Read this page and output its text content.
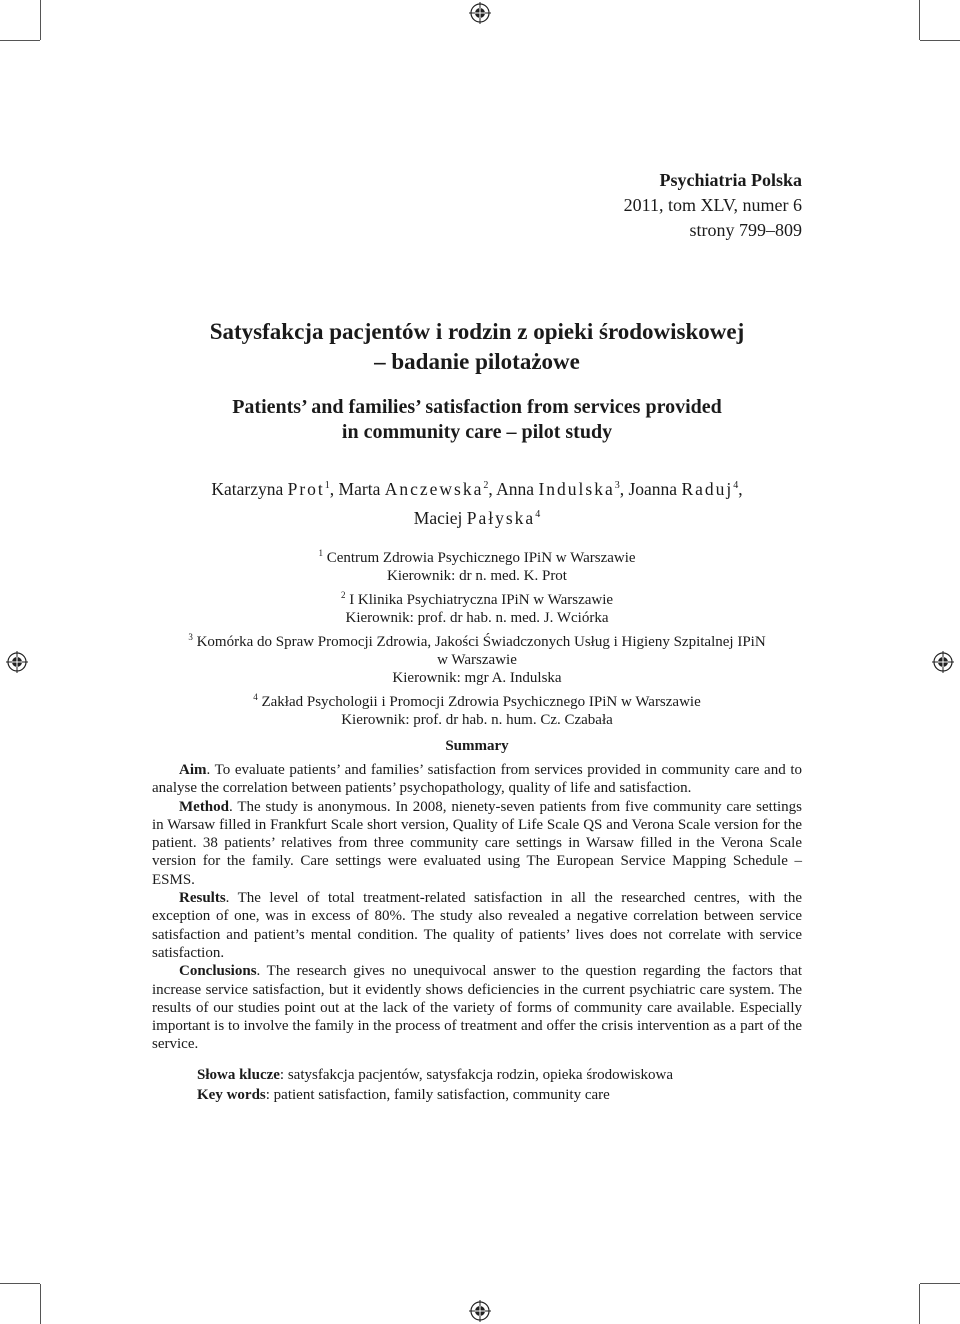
Psychiatria Polska
2011, tom XLV, numer 6
strony 799–809
Satysfakcja pacjentów i rodzin z opieki środowiskowej
– badanie pilotażowe
Patients’ and families’ satisfaction from services provided
in community care – pilot study
Katarzyna Prot$^1$, Marta Anczewska$^2$, Anna Indulska$^3$, Joanna Raduj$^4$,
Maciej Pałyska$^4$
$^1$ Centrum Zdrowia Psychicznego IPiN w Warszawie
Kierownik: dr n. med. K. Prot
$^2$ I Klinika Psychiatryczna IPiN w Warszawie
Kierownik: prof. dr hab. n. med. J. Wciórka
$^3$ Komórka do Spraw Promocji Zdrowia, Jakości Świadczonych Usług i Higieny Szpitalnej IPiN
w Warszawie
Kierownik: mgr A. Indulska
$^4$ Zakład Psychologii i Promocji Zdrowia Psychicznego IPiN w Warszawie
Kierownik: prof. dr hab. n. hum. Cz. Czabała
Summary

Aim. To evaluate patients’ and families’ satisfaction from services provided in community care and to analyse the correlation between patients’ psychopathology, quality of life and satisfaction.

Method. The study is anonymous. In 2008, nienety-seven patients from five community care settings in Warsaw filled in Frankfurt Scale short version, Quality of Life Scale QS and Verona Scale version for the patient. 38 patients’ relatives from three community care settings in Warsaw filled in the Verona Scale version for the family. Care settings were evaluated using The European Service Mapping Schedule – ESMS.

Results. The level of total treatment-related satisfaction in all the researched centres, with the exception of one, was in excess of 80%. The study also revealed a negative correlation between service satisfaction and patient’s mental condition. The quality of patients’ lives does not correlate with service satisfaction.

Conclusions. The research gives no unequivocal answer to the question regarding the factors that increase service satisfaction, but it evidently shows deficiencies in the current psychiatric care system. The results of our studies point out at the lack of the variety of forms of community care available. Especially important is to involve the family in the process of treatment and offer the crisis intervention as a part of the service.

Słowa klucze: satysfakcja pacjentów, satysfakcja rodzin, opieka środowiskowa
Key words: patient satisfaction, family satisfaction, community care
